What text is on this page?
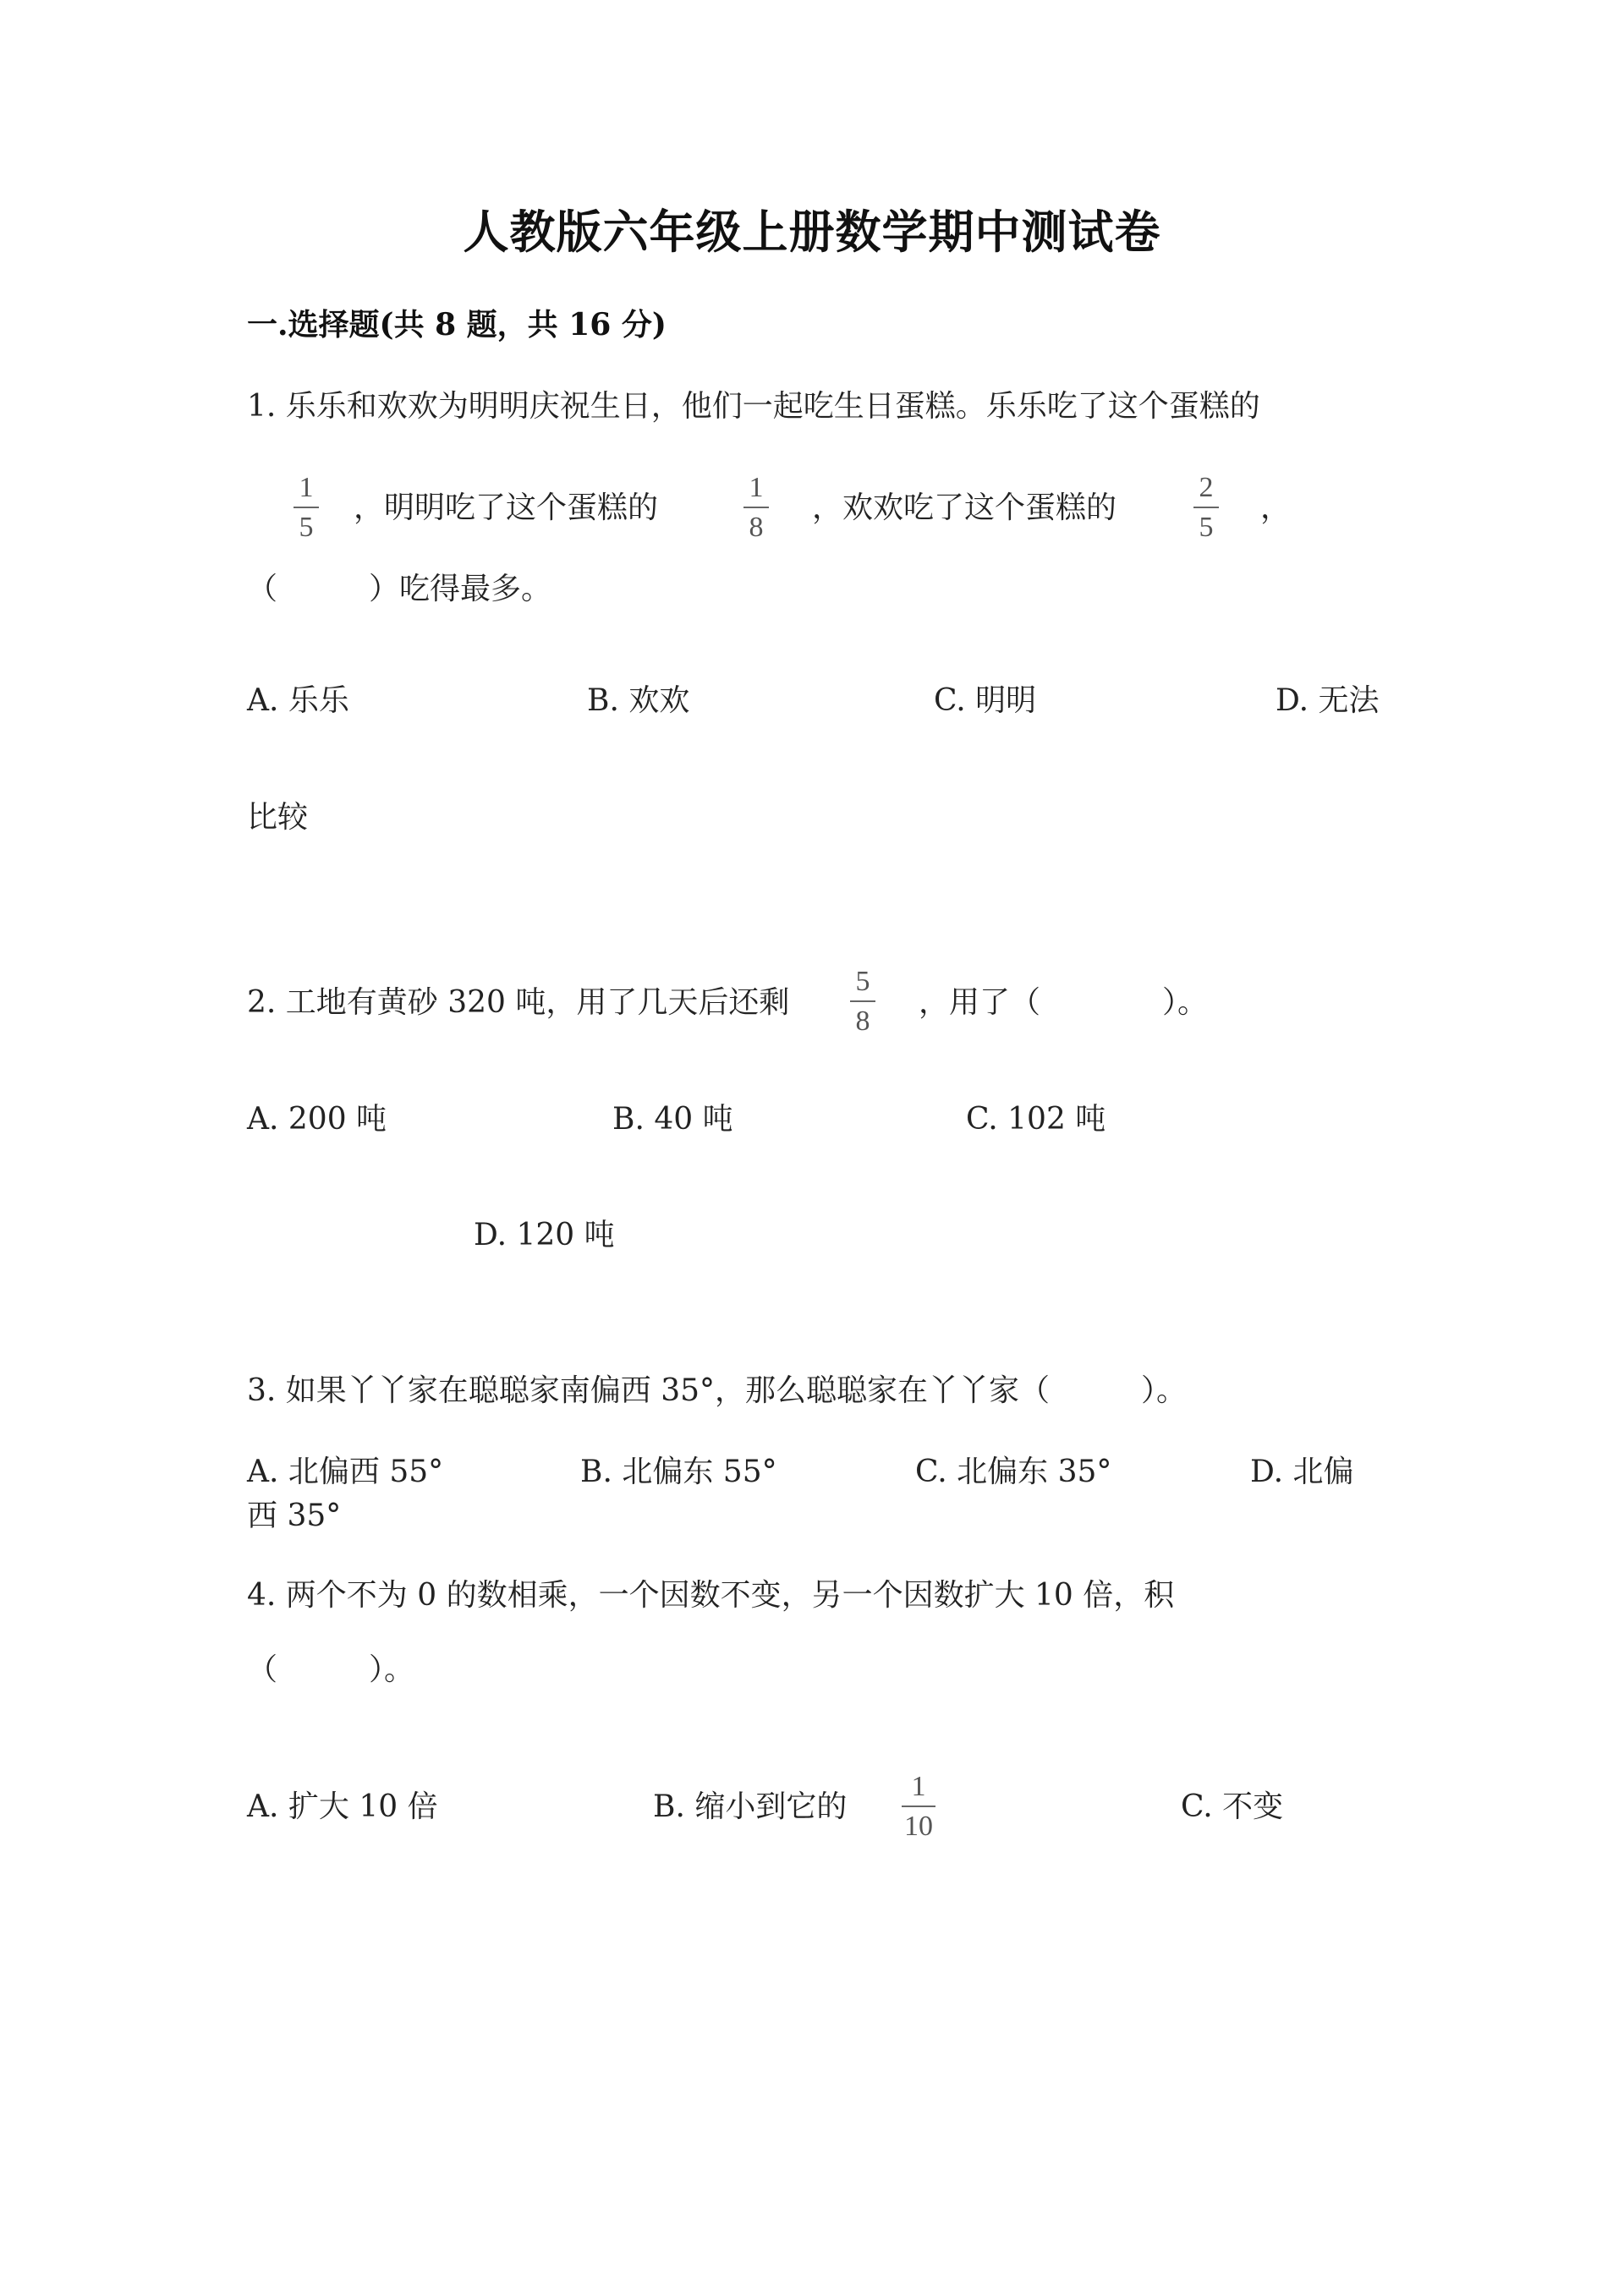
人教版六年级上册数学期中测试卷
一.选择题(共 8 题，共 16 分)
1. 乐乐和欢欢为明明庆祝生日，他们一起吃生日蛋糕。乐乐吃了这个蛋糕的
1
5
，明明吃了这个蛋糕的
1
8
，欢欢吃了这个蛋糕的
2
5
，
（　　　）吃得最多。
A. 乐乐	B. 欢欢	C. 明明	D. 无法
比较
2. 工地有黄砂 320 吨，用了几天后还剩
5
8
，用了（　　　　）。
A. 200 吨	B. 40 吨	C. 102 吨
D. 120 吨
3. 如果丫丫家在聪聪家南偏西 35°，那么聪聪家在丫丫家（　　　）。
A. 北偏西 55°	B. 北偏东 55°	C. 北偏东 35°	D. 北偏
西 35°
4. 两个不为 0 的数相乘，一个因数不变，另一个因数扩大 10 倍，积
（　　　）。
A. 扩大 10 倍	B. 缩小到它的
1
10
C. 不变
